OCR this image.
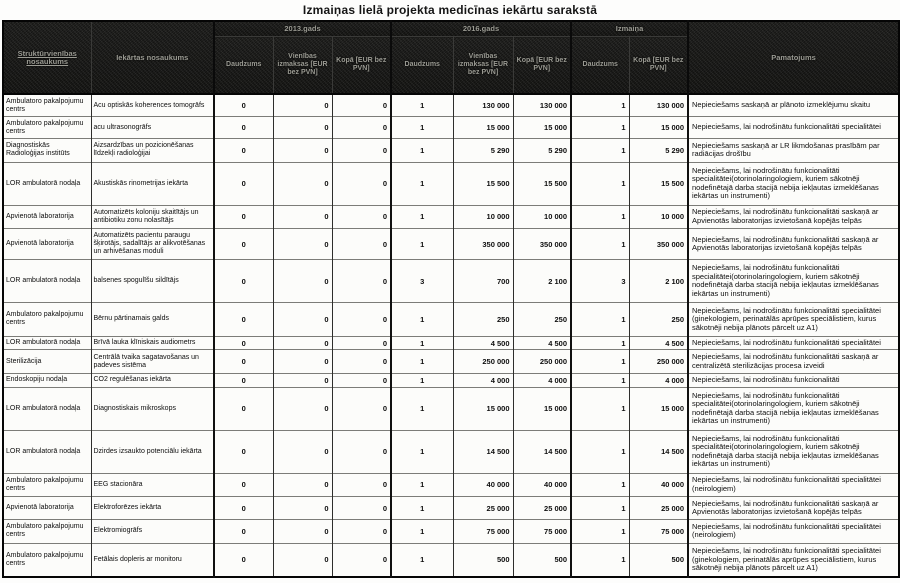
Izmaiņas lielā projekta medicīnas iekārtu sarakstā
Struktūrvienības nosaukums	Iekārtas nosaukums	2013.gads			2016.gads			Izmaiņa		Pamatojums
		Daudzums	Vienības izmaksas [EUR bez PVN]	Kopā [EUR bez PVN]	Daudzums	Vienības izmaksas [EUR bez PVN]	Kopā [EUR bez PVN]	Daudzums	Kopā [EUR bez PVN]	
Ambulatoro pakalpojumu centrs	Acu optiskās koherences tomogrāfs	0	0	0	1	130 000	130 000	1	130 000	Nepieciešams saskaņā ar plānoto izmeklējumu skaitu
Ambulatoro pakalpojumu centrs	acu ultrasonogrāfs	0	0	0	1	15 000	15 000	1	15 000	Nepieciešams, lai nodrošinātu funkcionalitāti specialitātei
Diagnostiskās Radioloģijas institūts	Aizsardzības un pozicionēšanas līdzekļi radioloģijai	0	0	0	1	5 290	5 290	1	5 290	Nepieciešams saskaņā ar LR likmdošanas prasībām par radiācijas drošību
LOR ambulatorā nodaļa	Akustiskās rinometrijas iekārta	0	0	0	1	15 500	15 500	1	15 500	Nepieciešams, lai nodrošinātu funkcionalitāti specialitātei(otorinolaringologiem, kuriem sākotnēji nodefinētajā darba stacijā nebija iekļautas izmeklēšanas iekārtas un instrumenti)
Apvienotā laboratorija	Automatizēts koloniju skaitītājs un antibiotiku zonu nolasītājs	0	0	0	1	10 000	10 000	1	10 000	Nepieciešams, lai nodrošinātu funkcionalitāti saskaņā ar Apvienotās laboratorijas izvietošanā kopējās telpās
Apvienotā laboratorija	Automatizēts pacientu paraugu šķirotājs, sadalītājs ar alikvotēšanas un arhivēšanas moduli	0	0	0	1	350 000	350 000	1	350 000	Nepieciešams, lai nodrošinātu funkcionalitāti saskaņā ar Apvienotās laboratorijas izvietošanā kopējās telpās
LOR ambulatorā nodaļa	balsenes spogulīšu sildītājs	0	0	0	3	700	2 100	3	2 100	Nepieciešams, lai nodrošinātu funkcionalitāti specialitātei(otorinolaringologiem, kuriem sākotnēji nodefinētajā darba stacijā nebija iekļautas izmeklēšanas iekārtas un instrumenti)
Ambulatoro pakalpojumu centrs	Bērnu pārtinamais galds	0	0	0	1	250	250	1	250	Nepieciešams, lai nodrošinātu funkcionalitāti specialitātei (ginekologiem, perinatālās aprūpes speciālistiem, kurus sākotnēji nebija plānots pārcelt uz A1)
LOR ambulatorā nodaļa	Brīvā lauka klīniskais audiometrs	0	0	0	1	4 500	4 500	1	4 500	Nepieciešams, lai nodrošinātu funkcionalitāti specialitātei
Sterilizācija	Centrālā tvaika sagatavošanas un padeves sistēma	0	0	0	1	250 000	250 000	1	250 000	Nepieciešams, lai nodrošinātu funkcionalitāti saskaņā ar centralizētā sterilizācijas procesa izveidi
Endoskopiju nodaļa	CO2 regulēšanas iekārta	0	0	0	1	4 000	4 000	1	4 000	Nepieciešams, lai nodrošinātu funkcionalitāti
LOR ambulatorā nodaļa	Diagnostiskais mikroskops	0	0	0	1	15 000	15 000	1	15 000	Nepieciešams, lai nodrošinātu funkcionalitāti specialitātei(otorinolaringologiem, kuriem sākotnēji nodefinētajā darba stacijā nebija iekļautas izmeklēšanas iekārtas un instrumenti)
LOR ambulatorā nodaļa	Dzirdes izsaukto potenciālu iekārta	0	0	0	1	14 500	14 500	1	14 500	Nepieciešams, lai nodrošinātu funkcionalitāti specialitātei(otorinolaringologiem, kuriem sākotnēji nodefinētajā darba stacijā nebija iekļautas izmeklēšanas iekārtas un instrumenti)
Ambulatoro pakalpojumu centrs	EEG stacionāra	0	0	0	1	40 000	40 000	1	40 000	Nepieciešams, lai nodrošinātu funkcionalitāti specialitātei (neirologiem)
Apvienotā laboratorija	Elektroforēzes iekārta	0	0	0	1	25 000	25 000	1	25 000	Nepieciešams, lai nodrošinātu funkcionalitāti saskaņā ar Apvienotās laboratorijas izvietošanā kopējās telpās
Ambulatoro pakalpojumu centrs	Elektromiogrāfs	0	0	0	1	75 000	75 000	1	75 000	Nepieciešams, lai nodrošinātu funkcionalitāti specialitātei (neirologiem)
Ambulatoro pakalpojumu centrs	Fetālais dopleris ar monitoru	0	0	0	1	500	500	1	500	Nepieciešams, lai nodrošinātu funkcionalitāti specialitātei (ginekologiem, perinatālās aprūpes speciālistiem, kurus sākotnēji nebija plānots pārcelt uz A1)
